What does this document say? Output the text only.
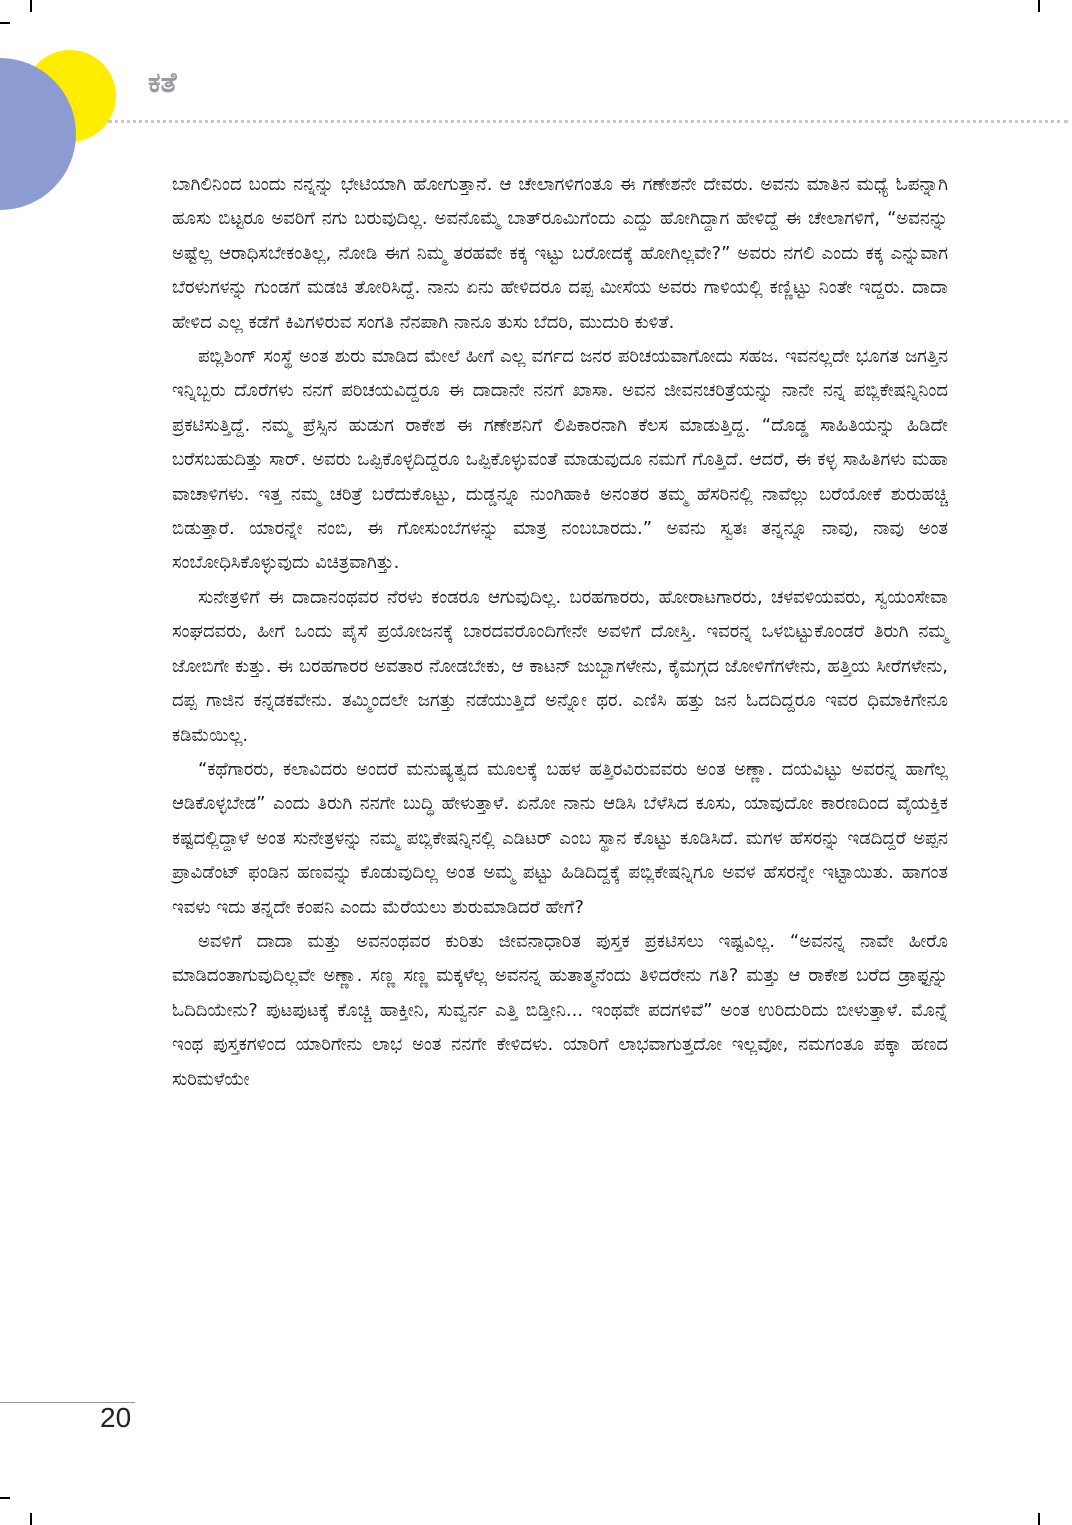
ಕತೆ

ಬಾಗಿಲಿನಿಂದ ಬಂದು ನನ್ನನ್ನು ಭೇಟಿಯಾಗಿ ಹೋಗುತ್ತಾನೆ. ಆ ಚೇಲಾಗಳಿಗಂತೂ ಈ ಗಣೇಶನೇ ದೇವರು. ಅವನು ಮಾತಿನ ಮಧ್ಯೆ ಓಪನ್ನಾಗಿ ಹೂಸು ಬಿಟ್ಟರೂ ಅವರಿಗೆ ನಗು ಬರುವುದಿಲ್ಲ. ಅವನೊಮ್ಮೆ ಬಾತ್‌ರೂಮಿಗೆಂದು ಎದ್ದು ಹೋಗಿದ್ದಾಗ ಹೇಳಿದ್ದೆ ಈ ಚೇಲಾಗಳಿಗೆ, “ಅವನನ್ನು ಅಷ್ಟೆಲ್ಲ ಆರಾಧಿಸಬೇಕಂತಿಲ್ಲ, ನೋಡಿ ಈಗ ನಿಮ್ಮ ತರಹವೇ ಕಕ್ಕ ಇಟ್ಟು ಬರೋದಕ್ಕೆ ಹೋಗಿಲ್ಲವೇ?” ಅವರು ನಗಲಿ ಎಂದು ಕಕ್ಕ ಎನ್ನುವಾಗ ಬೆರಳುಗಳನ್ನು ಗುಂಡಗೆ ಮಡಚಿ ತೋರಿಸಿದ್ದೆ. ನಾನು ಏನು ಹೇಳಿದರೂ ದಪ್ಪ ಮೀಸೆಯ ಅವರು ಗಾಳಿಯಲ್ಲಿ ಕಣ್ಣಿಟ್ಟು ನಿಂತೇ ಇದ್ದರು. ದಾದಾ ಹೇಳಿದ ಎಲ್ಲ ಕಡೆಗೆ ಕಿವಿಗಳಿರುವ ಸಂಗತಿ ನೆನಪಾಗಿ ನಾನೂ ತುಸು ಬೆದರಿ, ಮುದುರಿ ಕುಳಿತೆ.

ಪಬ್ಲಿಶಿಂಗ್ ಸಂಸ್ಥೆ ಅಂತ ಶುರು ಮಾಡಿದ ಮೇಲೆ ಹೀಗೆ ಎಲ್ಲ ವರ್ಗದ ಜನರ ಪರಿಚಯವಾಗೋದು ಸಹಜ. ಇವನಲ್ಲದೇ ಭೂಗತ ಜಗತ್ತಿನ ಇನ್ನಿಬ್ಬರು ದೊರೆಗಳು ನನಗೆ ಪರಿಚಯವಿದ್ದರೂ ಈ ದಾದಾನೇ ನನಗೆ ಖಾಸಾ. ಅವನ ಜೀವನಚರಿತ್ರೆಯನ್ನು ನಾನೇ ನನ್ನ ಪಬ್ಲಿಕೇಷನ್ನಿನಿಂದ ಪ್ರಕಟಿಸುತ್ತಿದ್ದೆ. ನಮ್ಮ ಪ್ರೆಸ್ಸಿನ ಹುಡುಗ ರಾಕೇಶ ಈ ಗಣೇಶನಿಗೆ ಲಿಪಿಕಾರನಾಗಿ ಕೆಲಸ ಮಾಡುತ್ತಿದ್ದ. “ದೊಡ್ಡ ಸಾಹಿತಿಯನ್ನು ಹಿಡಿದೇ ಬರೆಸಬಹುದಿತ್ತು ಸಾರ್. ಅವರು ಒಪ್ಪಿಕೊಳ್ಳದಿದ್ದರೂ ಒಪ್ಪಿಕೊಳ್ಳುವಂತೆ ಮಾಡುವುದೂ ನಮಗೆ ಗೊತ್ತಿದೆ. ಆದರೆ, ಈ ಕಳ್ಳ ಸಾಹಿತಿಗಳು ಮಹಾ ವಾಚಾಳಿಗಳು. ಇತ್ತ ನಮ್ಮ ಚರಿತ್ರೆ ಬರೆದುಕೊಟ್ಟು, ದುಡ್ಡನ್ನೂ ನುಂಗಿಹಾಕಿ ಅನಂತರ ತಮ್ಮ ಹೆಸರಿನಲ್ಲಿ ನಾವೆಲ್ಲು ಬರೆಯೋಕೆ ಶುರುಹಚ್ಚಿ ಬಿಡುತ್ತಾರೆ. ಯಾರನ್ನೇ ನಂಬಿ, ಈ ಗೋಸುಂಬೆಗಳನ್ನು ಮಾತ್ರ ನಂಬಬಾರದು.” ಅವನು ಸ್ವತಃ ತನ್ನನ್ನೂ ನಾವು, ನಾವು ಅಂತ ಸಂಬೋಧಿಸಿಕೊಳ್ಳುವುದು ವಿಚಿತ್ರವಾಗಿತ್ತು.

ಸುನೇತ್ರಳಿಗೆ ಈ ದಾದಾನಂಥವರ ನೆರಳು ಕಂಡರೂ ಆಗುವುದಿಲ್ಲ. ಬರಹಗಾರರು, ಹೋರಾಟಗಾರರು, ಚಳವಳಿಯವರು, ಸ್ವಯಂಸೇವಾ ಸಂಘದವರು, ಹೀಗೆ ಒಂದು ಪೈಸೆ ಪ್ರಯೋಜನಕ್ಕೆ ಬಾರದವರೊಂದಿಗೇನೇ ಅವಳಿಗೆ ದೋಸ್ತಿ. ಇವರನ್ನ ಒಳಬಿಟ್ಟುಕೊಂಡರೆ ತಿರುಗಿ ನಮ್ಮ ಜೋಬಿಗೇ ಕುತ್ತು. ಈ ಬರಹಗಾರರ ಅವತಾರ ನೋಡಬೇಕು, ಆ ಕಾಟನ್ ಜುಬ್ಬಾಗಳೇನು, ಕೈಮಗ್ಗದ ಜೋಳಿಗೆಗಳೇನು, ಹತ್ತಿಯ ಸೀರೆಗಳೇನು, ದಪ್ಪ ಗಾಜಿನ ಕನ್ನಡಕವೇನು. ತಮ್ಮಿಂದಲೇ ಜಗತ್ತು ನಡೆಯುತ್ತಿದೆ ಅನ್ನೋ ಥರ. ಎಣಿಸಿ ಹತ್ತು ಜನ ಓದದಿದ್ದರೂ ಇವರ ಧಿಮಾಕಿಗೇನೂ ಕಡಿಮೆಯಿಲ್ಲ.

“ಕಥೆಗಾರರು, ಕಲಾವಿದರು ಅಂದರೆ ಮನುಷ್ಯತ್ವದ ಮೂಲಕ್ಕೆ ಬಹಳ ಹತ್ತಿರವಿರುವವರು ಅಂತ ಅಣ್ಣಾ. ದಯವಿಟ್ಟು ಅವರನ್ನ ಹಾಗೆಲ್ಲ ಆಡಿಕೊಳ್ಳಬೇಡ” ಎಂದು ತಿರುಗಿ ನನಗೇ ಬುದ್ಧಿ ಹೇಳುತ್ತಾಳೆ. ಏನೋ ನಾನು ಆಡಿಸಿ ಬೆಳೆಸಿದ ಕೂಸು, ಯಾವುದೋ ಕಾರಣದಿಂದ ವೈಯಕ್ತಿಕ ಕಷ್ಟದಲ್ಲಿದ್ದಾಳೆ ಅಂತ ಸುನೇತ್ರಳನ್ನು ನಮ್ಮ ಪಬ್ಲಿಕೇಷನ್ನಿನಲ್ಲಿ ಎಡಿಟರ್ ಎಂಬ ಸ್ಥಾನ ಕೊಟ್ಟು ಕೂಡಿಸಿದೆ. ಮಗಳ ಹೆಸರನ್ನು ಇಡದಿದ್ದರೆ ಅಪ್ಪನ ಪ್ರಾವಿಡೆಂಟ್ ಫಂಡಿನ ಹಣವನ್ನು ಕೊಡುವುದಿಲ್ಲ ಅಂತ ಅಮ್ಮ ಪಟ್ಟು ಹಿಡಿದಿದ್ದಕ್ಕೆ ಪಬ್ಲಿಕೇಷನ್ನಿಗೂ ಅವಳ ಹೆಸರನ್ನೇ ಇಟ್ಟಾಯಿತು. ಹಾಗಂತ ಇವಳು ಇದು ತನ್ನದೇ ಕಂಪನಿ ಎಂದು ಮೆರೆಯಲು ಶುರುಮಾಡಿದರೆ ಹೇಗೆ?

ಅವಳಿಗೆ ದಾದಾ ಮತ್ತು ಅವನಂಥವರ ಕುರಿತು ಜೀವನಾಧಾರಿತ ಪುಸ್ತಕ ಪ್ರಕಟಿಸಲು ಇಷ್ಟವಿಲ್ಲ. “ಅವನನ್ನ ನಾವೇ ಹೀರೊ ಮಾಡಿದಂತಾಗುವುದಿಲ್ಲವೇ ಅಣ್ಣಾ. ಸಣ್ಣ ಸಣ್ಣ ಮಕ್ಕಳೆಲ್ಲ ಅವನನ್ನ ಹುತಾತ್ಮನೆಂದು ತಿಳಿದರೇನು ಗತಿ? ಮತ್ತು ಆ ರಾಕೇಶ ಬರೆದ ಡ್ರಾಫ್ಟನ್ನು ಓದಿದಿಯೇನು? ಪುಟಪುಟಕ್ಕೆ ಕೊಚ್ಚಿ ಹಾಕ್ತೀನಿ, ಸುವ್ವರ್ನ ಎತ್ತಿ ಬಿಡ್ತೀನಿ... ಇಂಥವೇ ಪದಗಳಿವೆ” ಅಂತ ಉರಿದುರಿದು ಬೀಳುತ್ತಾಳೆ. ಮೊನ್ನೆ ಇಂಥ ಪುಸ್ತಕಗಳಿಂದ ಯಾರಿಗೇನು ಲಾಭ ಅಂತ ನನಗೇ ಕೇಳಿದಳು. ಯಾರಿಗೆ ಲಾಭವಾಗುತ್ತದೋ ಇಲ್ಲವೋ, ನಮಗಂತೂ ಪಕ್ಕಾ ಹಣದ ಸುರಿಮಳೆಯೇ

20
